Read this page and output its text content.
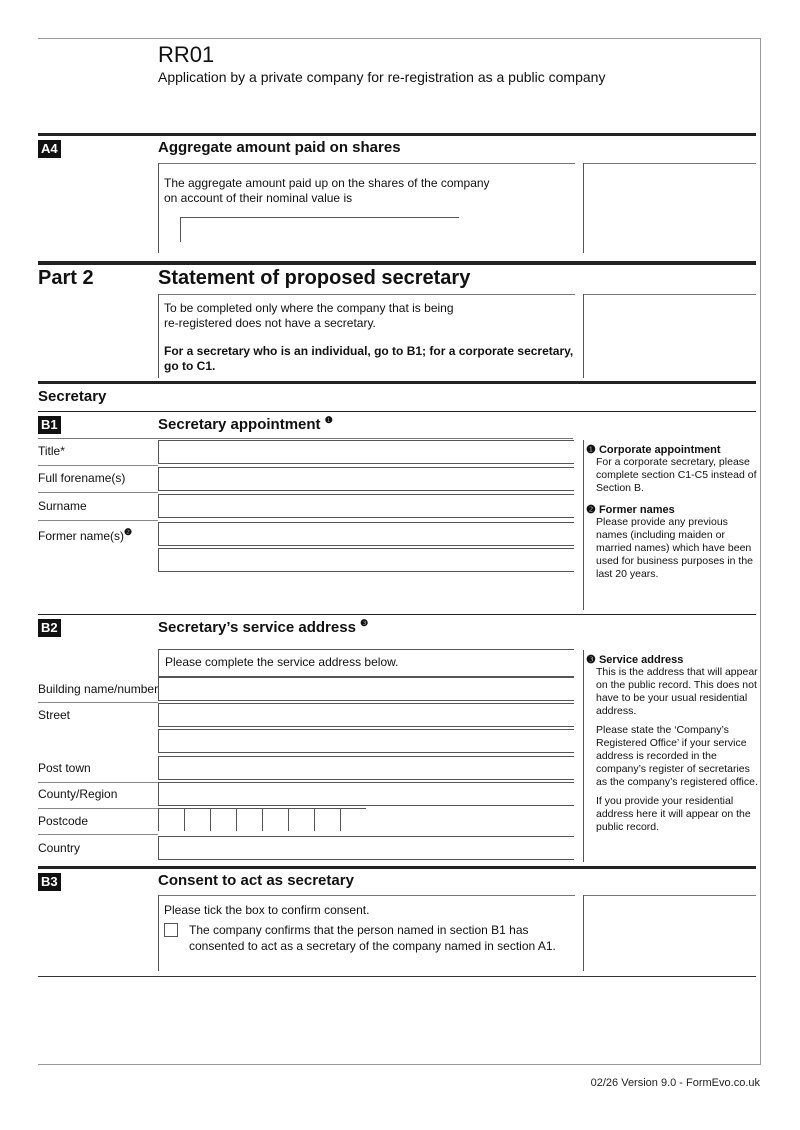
RR01
Application by a private company for re-registration as a public company
A4	Aggregate amount paid on shares
The aggregate amount paid up on the shares of the company on account of their nominal value is
Part 2	Statement of proposed secretary
To be completed only where the company that is being re-registered does not have a secretary.
For a secretary who is an individual, go to B1; for a corporate secretary, go to C1.
Secretary
B1	Secretary appointment $^❶$
Title*
Full forename(s)
Surname
Former $name(s)^❷$
❶ Corporate appointment
For a corporate secretary, please complete section C1-C5 instead of Section B.
❷ Former names
Please provide any previous names (including maiden or married names) which have been used for business purposes in the last 20 years.
B2	Secretary’s service address $^❸$
Please complete the service address below.
Building name/number
Street
Post town
County/Region
Postcode
Country
❸ Service address
This is the address that will appear on the public record. This does not have to be your usual residential address.
Please state the ‘Company’s Registered Office’ if your service address is recorded in the company’s register of secretaries as the company’s registered office.
If you provide your residential address here it will appear on the public record.
B3	Consent to act as secretary
Please tick the box to confirm consent.
The company confirms that the person named in section B1 has consented to act as a secretary of the company named in section A1.
02/26 Version 9.0 - FormEvo.co.uk
